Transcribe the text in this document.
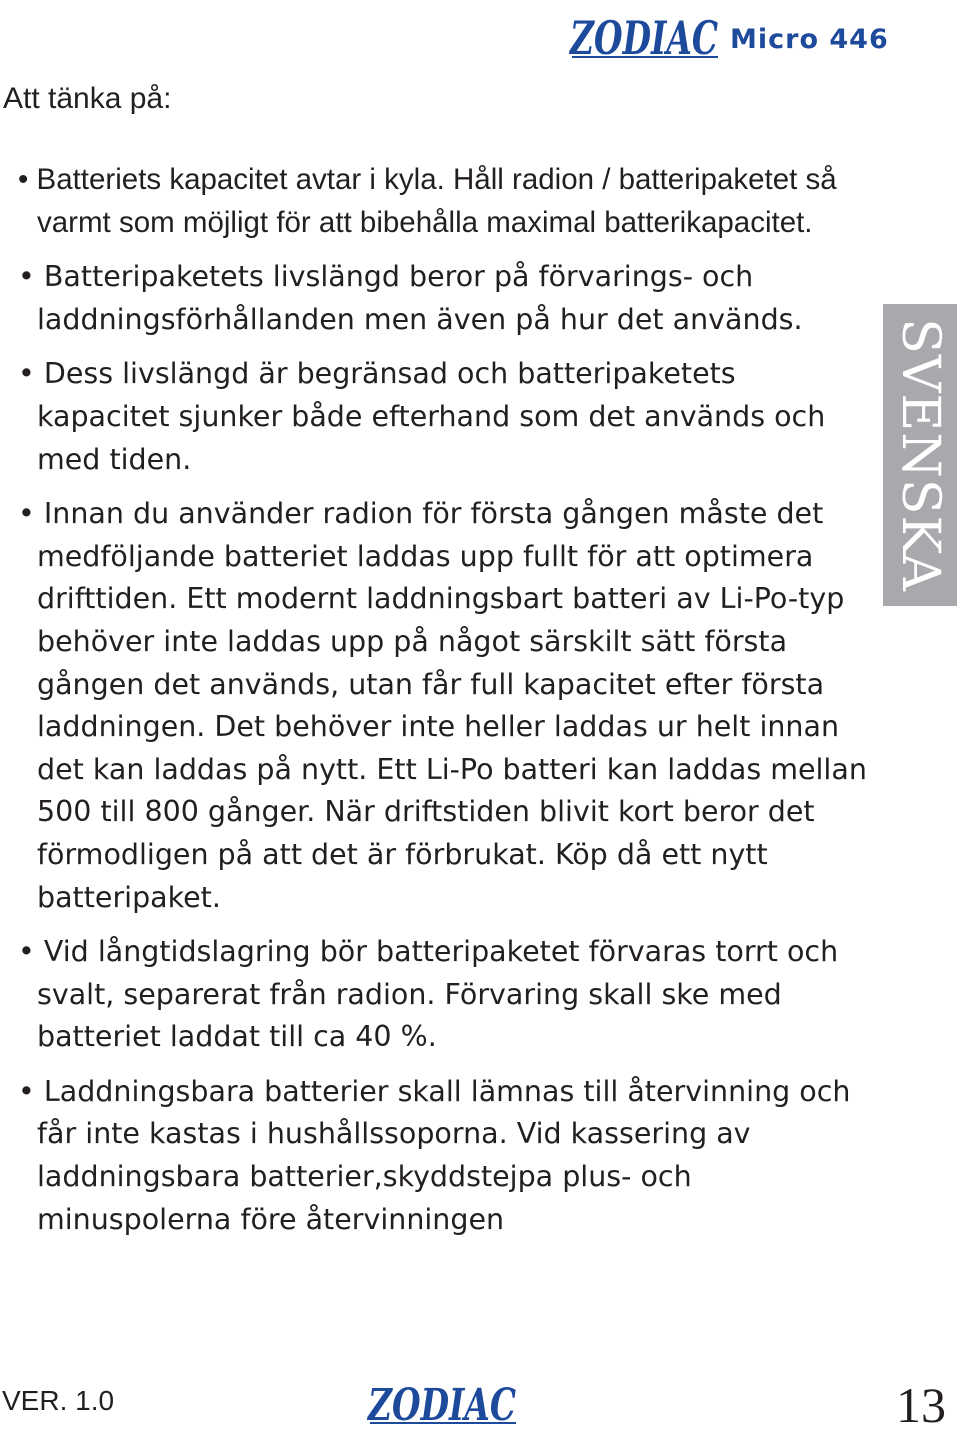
ZODIAC Micro 446
Att tänka på:
• Batteriets kapacitet avtar i kyla. Håll radion / batteripaketet så varmt som möjligt för att bibehålla maximal batterikapacitet.
• Batteripaketets livslängd beror på förvarings- och laddningsförhållanden men även på hur det används.
• Dess livslängd är begränsad och batteripaketets kapacitet sjunker både efterhand som det används och med tiden.
• Innan du använder radion för första gången måste det medföljande batteriet laddas upp fullt för att optimera drifttiden. Ett modernt laddningsbart batteri av Li-Po-typ behöver inte laddas upp på något särskilt sätt första gången det används, utan får full kapacitet efter första laddningen. Det behöver inte heller laddas ur helt innan det kan laddas på nytt. Ett Li-Po batteri kan laddas mellan 500 till 800 gånger. När driftstiden blivit kort beror det förmodligen på att det är förbrukat. Köp då ett nytt batteripaket.
• Vid långtidslagring bör batteripaketet förvaras torrt och svalt, separerat från radion. Förvaring skall ske med batteriet laddat till ca 40 %.
• Laddningsbara batterier skall lämnas till återvinning och får inte kastas i hushållssoporna. Vid kassering av laddningsbara batterier,skyddstejpa plus- och minuspolerna före återvinningen
SVENSKA
VER. 1.0	ZODIAC	13
